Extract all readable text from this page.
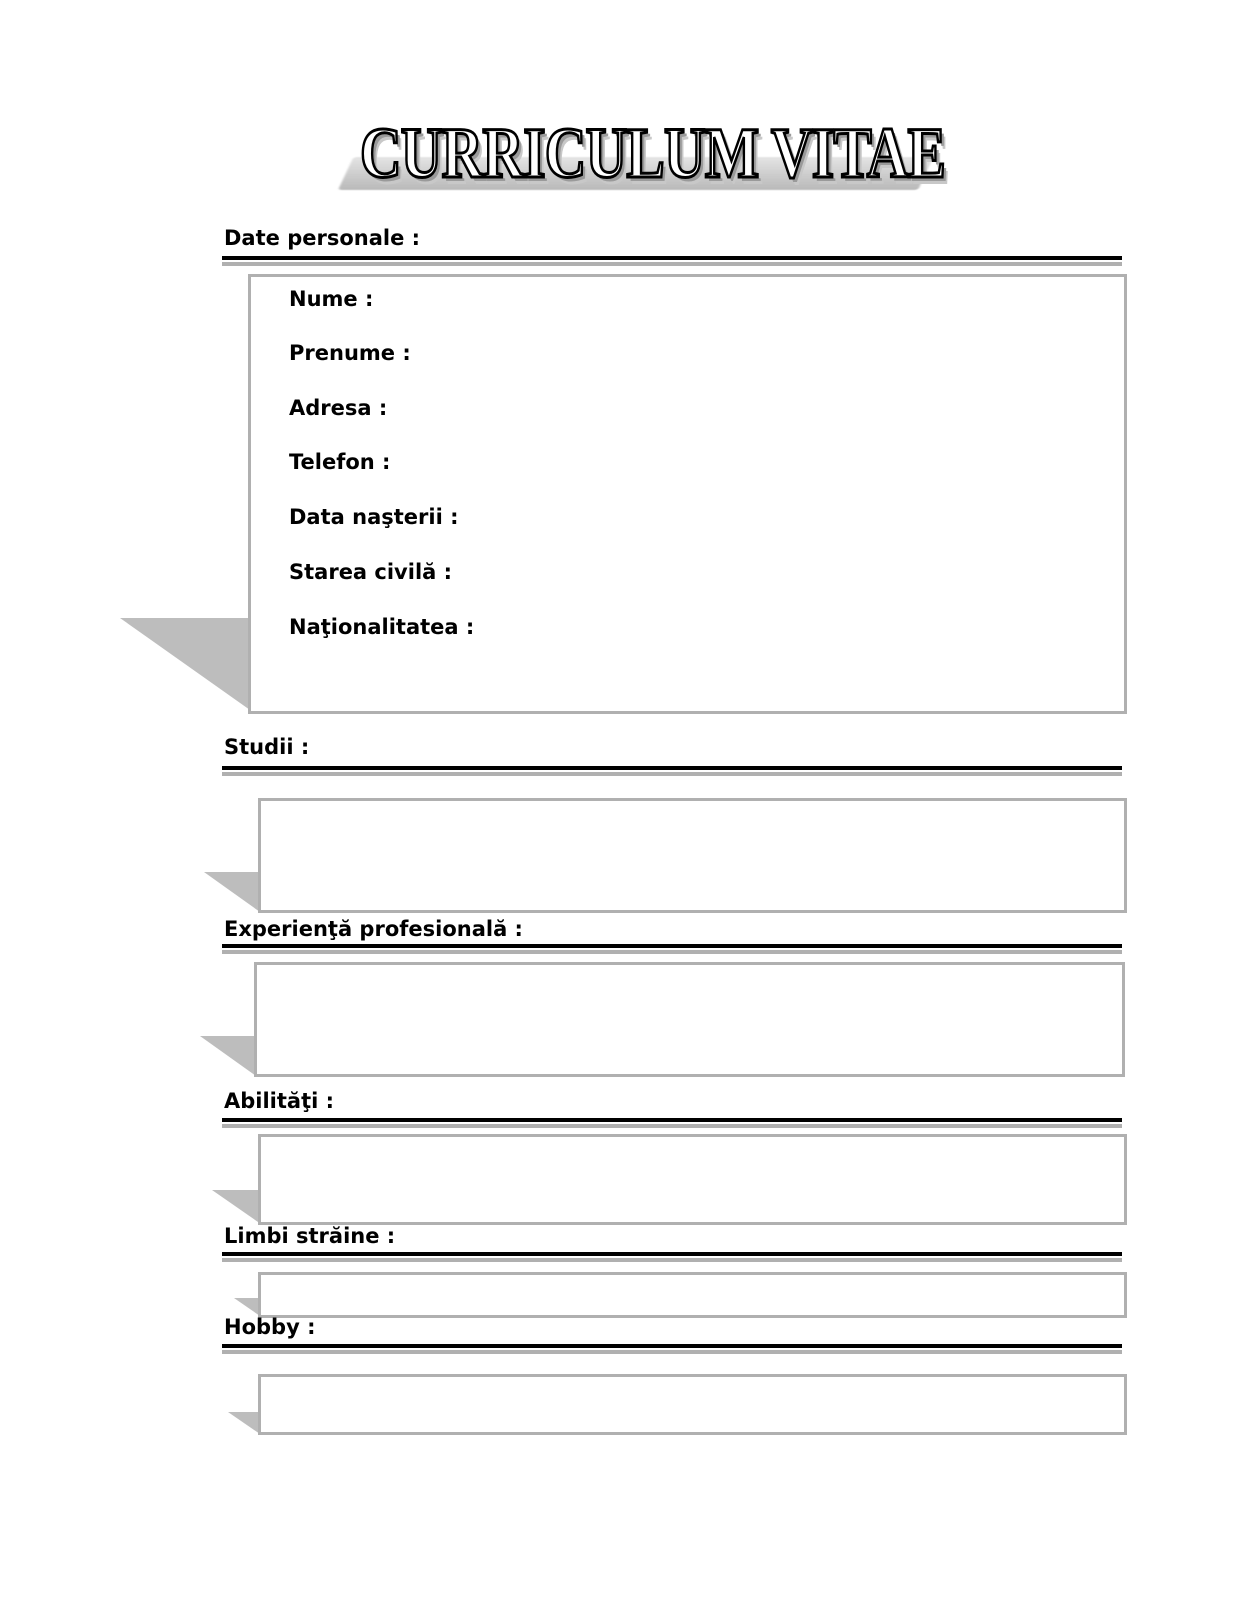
CURRICULUM VITAE
Date personale :
Nume :
Prenume :
Adresa :
Telefon :
Data naşterii :
Starea civilă :
Naţionalitatea :
Studii :
Experienţă profesională :
Abilităţi :
Limbi străine :
Hobby :
